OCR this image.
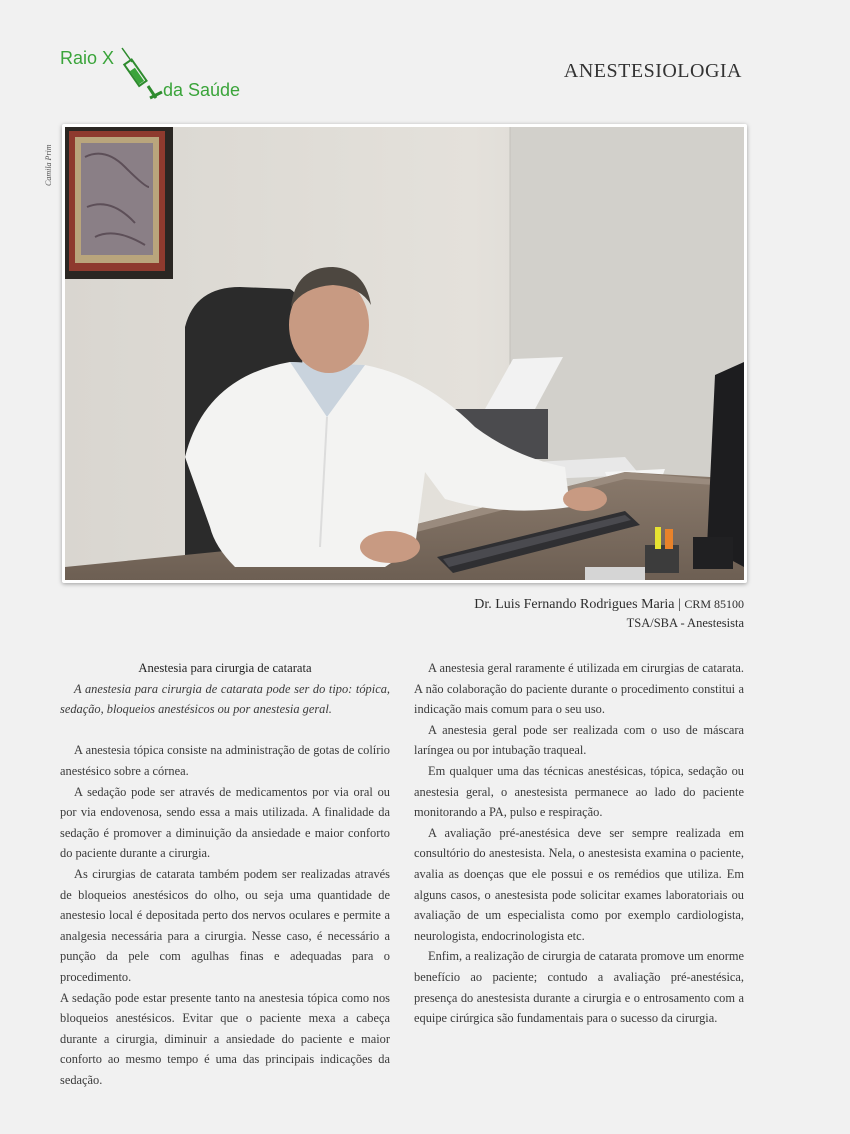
Raio X
da Saúde
ANESTESIOLOGIA
Camila Prim
Dr. Luis Fernando Rodrigues Maria | CRM 85100
TSA/SBA - Anestesista

Anestesia para cirurgia de catarata

A anestesia para cirurgia de catarata pode ser do tipo: tópica, sedação, bloqueios anestésicos ou por anestesia geral.

A anestesia tópica consiste na administração de gotas de colírio anestésico sobre a córnea.

A sedação pode ser através de medicamentos por via oral ou por via endovenosa, sendo essa a mais utilizada. A finalidade da sedação é promover a diminuição da ansiedade e maior conforto do paciente durante a cirurgia.

As cirurgias de catarata também podem ser realizadas através de bloqueios anestésicos do olho, ou seja uma quantidade de anestesio local é depositada perto dos nervos oculares e permite a analgesia necessária para a cirurgia. Nesse caso, é necessário a punção da pele com agulhas finas e adequadas para o procedimento.

A sedação pode estar presente tanto na anestesia tópica como nos bloqueios anestésicos. Evitar que o paciente mexa a cabeça durante a cirurgia, diminuir a ansiedade do paciente e maior conforto ao mesmo tempo é uma das principais indicações da sedação.

A anestesia geral raramente é utilizada em cirurgias de catarata. A não colaboração do paciente durante o procedimento constitui a indicação mais comum para o seu uso.

A anestesia geral pode ser realizada com o uso de máscara laríngea ou por intubação traqueal.

Em qualquer uma das técnicas anestésicas, tópica, sedação ou anestesia geral, o anestesista permanece ao lado do paciente monitorando a PA, pulso e respiração.

A avaliação pré-anestésica deve ser sempre realizada em consultório do anestesista. Nela, o anestesista examina o paciente, avalia as doenças que ele possui e os remédios que utiliza. Em alguns casos, o anestesista pode solicitar exames laboratoriais ou avaliação de um especialista como por exemplo cardiologista, neurologista, endocrinologista etc.

Enfim, a realização de cirurgia de catarata promove um enorme benefício ao paciente; contudo a avaliação pré-anestésica, presença do anestesista durante a cirurgia e o entrosamento com a equipe cirúrgica são fundamentais para o sucesso da cirurgia.
